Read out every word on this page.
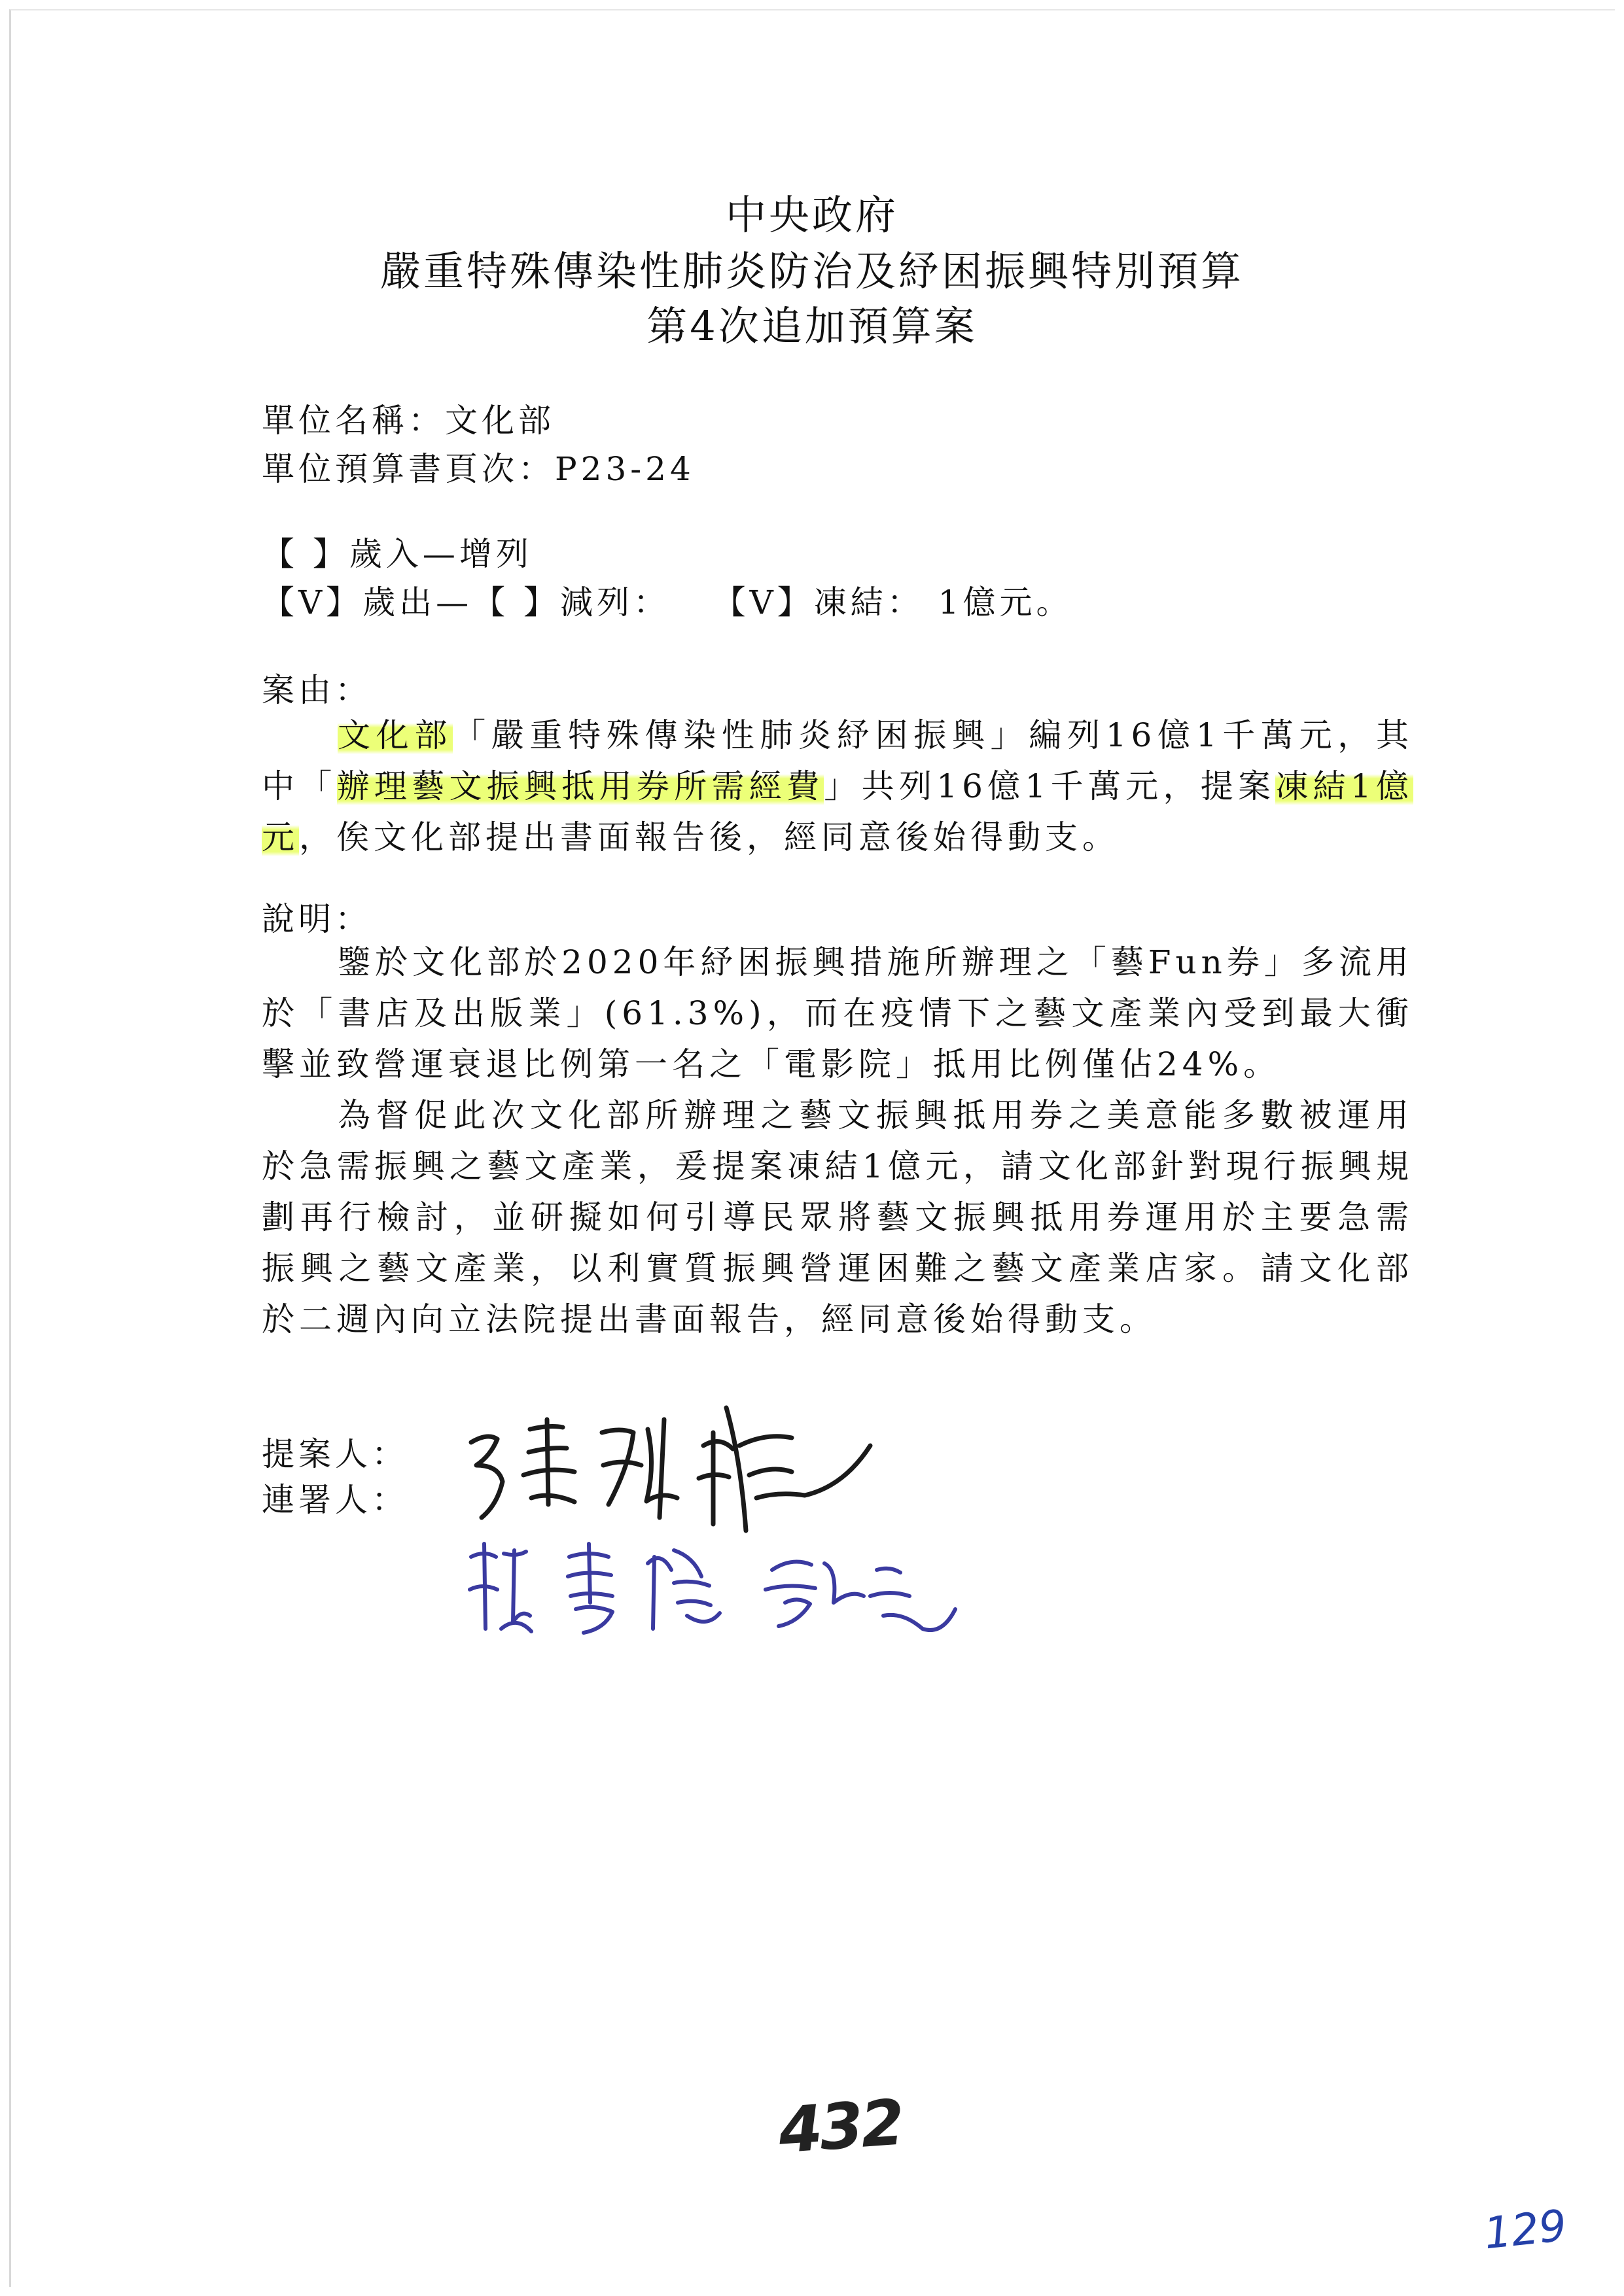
中央政府
嚴重特殊傳染性肺炎防治及紓困振興特別預算
第4次追加預算案
單位名稱：文化部
單位預算書頁次：P23-24
【 】歲入—增列
【V】歲出—【 】減列：   【V】凍結： 1億元。
案由：
文化部「嚴重特殊傳染性肺炎紓困振興」編列16億1千萬元，其中「辦理藝文振興抵用券所需經費」共列16億1千萬元，提案凍結1億元，俟文化部提出書面報告後，經同意後始得動支。
說明：
鑒於文化部於2020年紓困振興措施所辦理之「藝Fun券」多流用於「書店及出版業」(61.3%)，而在疫情下之藝文產業內受到最大衝擊並致營運衰退比例第一名之「電影院」抵用比例僅佔24%。
為督促此次文化部所辦理之藝文振興抵用券之美意能多數被運用於急需振興之藝文產業，爰提案凍結1億元，請文化部針對現行振興規劃再行檢討，並研擬如何引導民眾將藝文振興抵用券運用於主要急需振興之藝文產業，以利實質振興營運困難之藝文產業店家。請文化部於二週內向立法院提出書面報告，經同意後始得動支。
提案人：
連署人：
432
129
